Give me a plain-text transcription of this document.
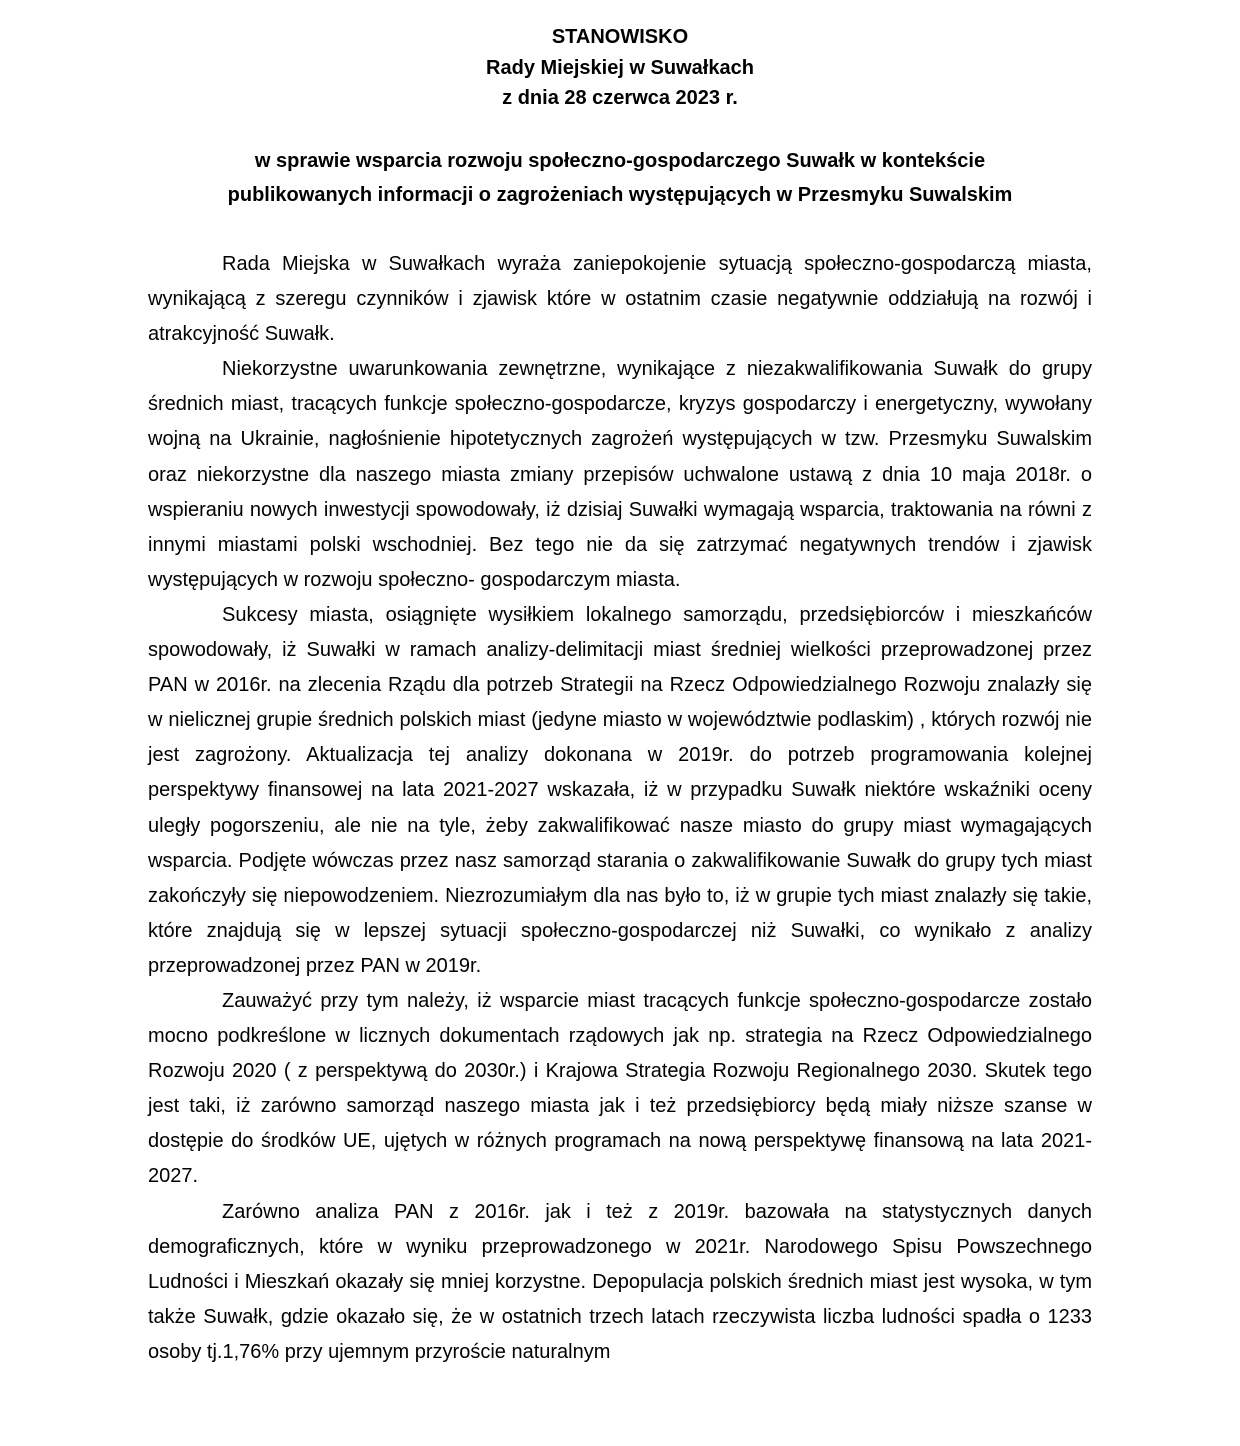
STANOWISKO
Rady Miejskiej w Suwałkach
z dnia 28 czerwca 2023 r.
w sprawie wsparcia rozwoju społeczno-gospodarczego Suwałk w kontekście
publikowanych informacji o zagrożeniach występujących w Przesmyku Suwalskim

Rada Miejska w Suwałkach wyraża zaniepokojenie sytuacją społeczno-gospodarczą miasta, wynikającą z szeregu czynników i zjawisk które w ostatnim czasie negatywnie oddziałują na rozwój i atrakcyjność Suwałk.

Niekorzystne uwarunkowania zewnętrzne, wynikające z niezakwalifikowania Suwałk do grupy średnich miast, tracących funkcje społeczno-gospodarcze, kryzys gospodarczy i energetyczny, wywołany wojną na Ukrainie, nagłośnienie hipotetycznych zagrożeń występujących w tzw. Przesmyku Suwalskim oraz niekorzystne dla naszego miasta zmiany przepisów uchwalone ustawą z dnia 10 maja 2018r. o wspieraniu nowych inwestycji spowodowały, iż dzisiaj Suwałki wymagają wsparcia, traktowania na równi z innymi miastami polski wschodniej. Bez tego nie da się zatrzymać negatywnych trendów i zjawisk występujących w rozwoju społeczno- gospodarczym miasta.

Sukcesy miasta, osiągnięte wysiłkiem lokalnego samorządu, przedsiębiorców i mieszkańców spowodowały, iż Suwałki w ramach analizy-delimitacji miast średniej wielkości przeprowadzonej przez PAN w 2016r. na zlecenia Rządu dla potrzeb Strategii na Rzecz Odpowiedzialnego Rozwoju znalazły się w nielicznej grupie średnich polskich miast (jedyne miasto w województwie podlaskim) , których rozwój nie jest zagrożony. Aktualizacja tej analizy dokonana w 2019r. do potrzeb programowania kolejnej perspektywy finansowej na lata 2021-2027 wskazała, iż w przypadku Suwałk niektóre wskaźniki oceny uległy pogorszeniu, ale nie na tyle, żeby zakwalifikować nasze miasto do grupy miast wymagających wsparcia. Podjęte wówczas przez nasz samorząd starania o zakwalifikowanie Suwałk do grupy tych miast zakończyły się niepowodzeniem. Niezrozumiałym dla nas było to, iż w grupie tych miast znalazły się takie, które znajdują się w lepszej sytuacji społeczno-gospodarczej niż Suwałki, co wynikało z analizy przeprowadzonej przez PAN w 2019r.

Zauważyć przy tym należy, iż wsparcie miast tracących funkcje społeczno-gospodarcze zostało mocno podkreślone w licznych dokumentach rządowych jak np. strategia na Rzecz Odpowiedzialnego Rozwoju 2020 ( z perspektywą do 2030r.) i Krajowa Strategia Rozwoju Regionalnego 2030. Skutek tego jest taki, iż zarówno samorząd naszego miasta jak i też przedsiębiorcy będą miały niższe szanse w dostępie do środków UE, ujętych w różnych programach na nową perspektywę finansową na lata 2021-2027.

Zarówno analiza PAN z 2016r. jak i też z 2019r. bazowała na statystycznych danych demograficznych, które w wyniku przeprowadzonego w 2021r. Narodowego Spisu Powszechnego Ludności i Mieszkań okazały się mniej korzystne. Depopulacja polskich średnich miast jest wysoka, w tym także Suwałk, gdzie okazało się, że w ostatnich trzech latach rzeczywista liczba ludności spadła o 1233 osoby tj.1,76% przy ujemnym przyroście naturalnym
